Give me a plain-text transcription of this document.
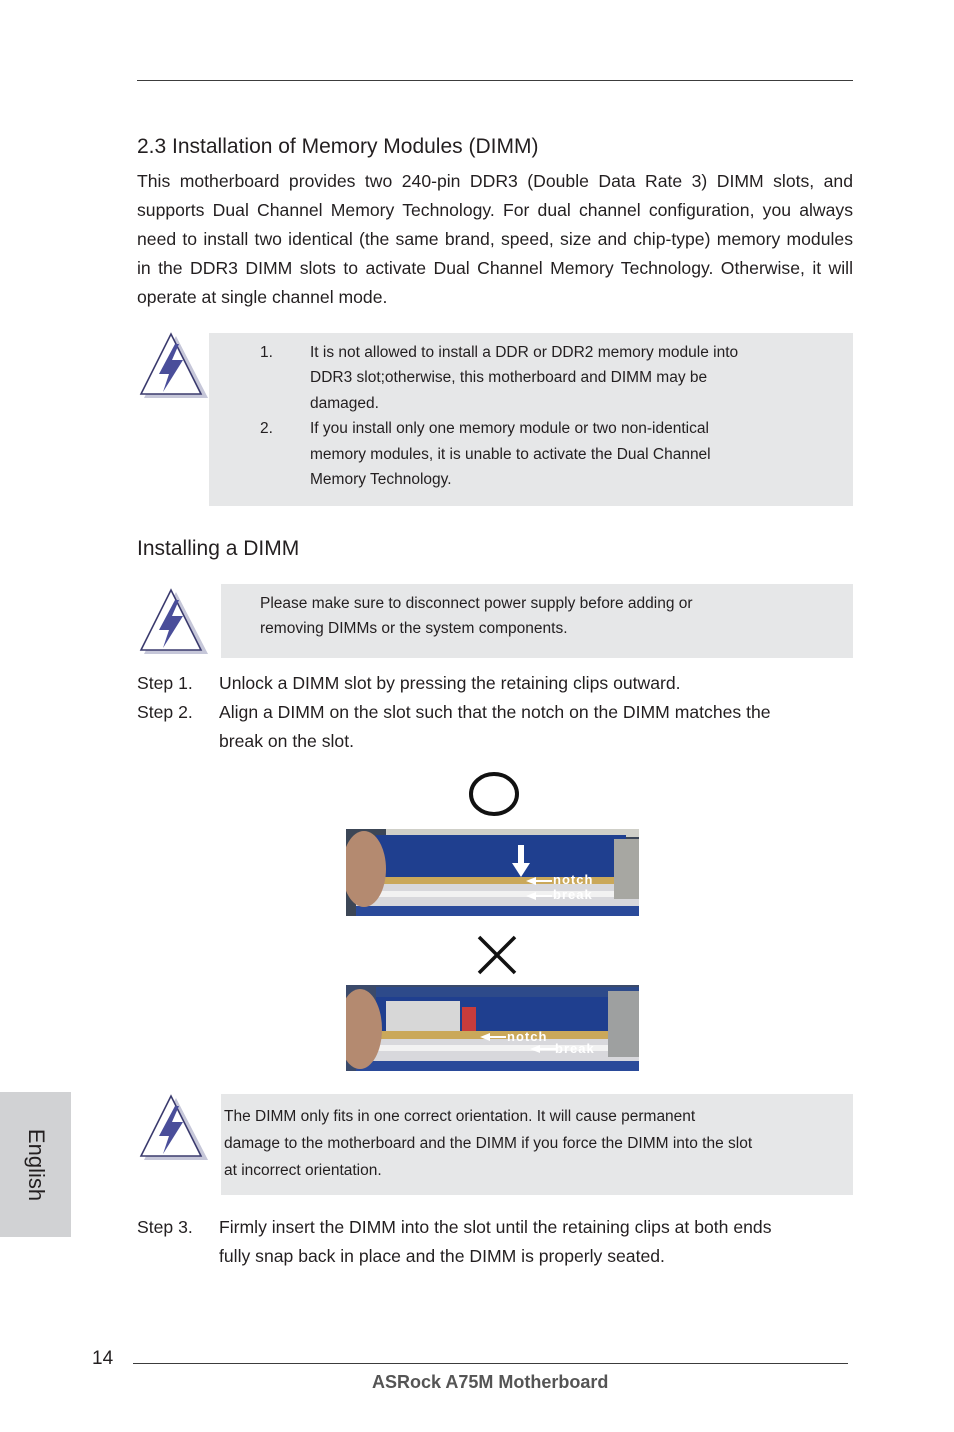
2.3 Installation of Memory Modules (DIMM)
This motherboard provides two 240-pin DDR3 (Double Data Rate 3) DIMM slots, and supports Dual Channel Memory Technology. For dual channel configuration, you always need to install two identical (the same brand, speed, size and chip-type) memory modules in the DDR3 DIMM slots to activate Dual Channel Memory Technology. Otherwise, it will operate at single channel mode.
1.	It is not allowed to install a DDR or DDR2 memory module into
DDR3 slot;otherwise, this motherboard and DIMM may be
damaged.
2.	If you install only one memory module or two non-identical
memory modules, it is unable to activate the Dual Channel
Memory Technology.
Installing a DIMM
Please make sure to disconnect power supply before adding or
removing DIMMs or the system components.
Step 1.	Unlock a DIMM slot by pressing the retaining clips outward.
Step 2.	Align a DIMM on the slot such that the notch on the DIMM matches the
break on the slot.
notch
break
notch
break
The DIMM only fits in one correct orientation. It will cause permanent
damage to the motherboard and the DIMM if you force the DIMM into the slot
at incorrect orientation.
Step 3.	Firmly insert the DIMM into the slot until the retaining clips at both ends
fully snap back in place and the DIMM is properly seated.
English
14
ASRock A75M Motherboard
